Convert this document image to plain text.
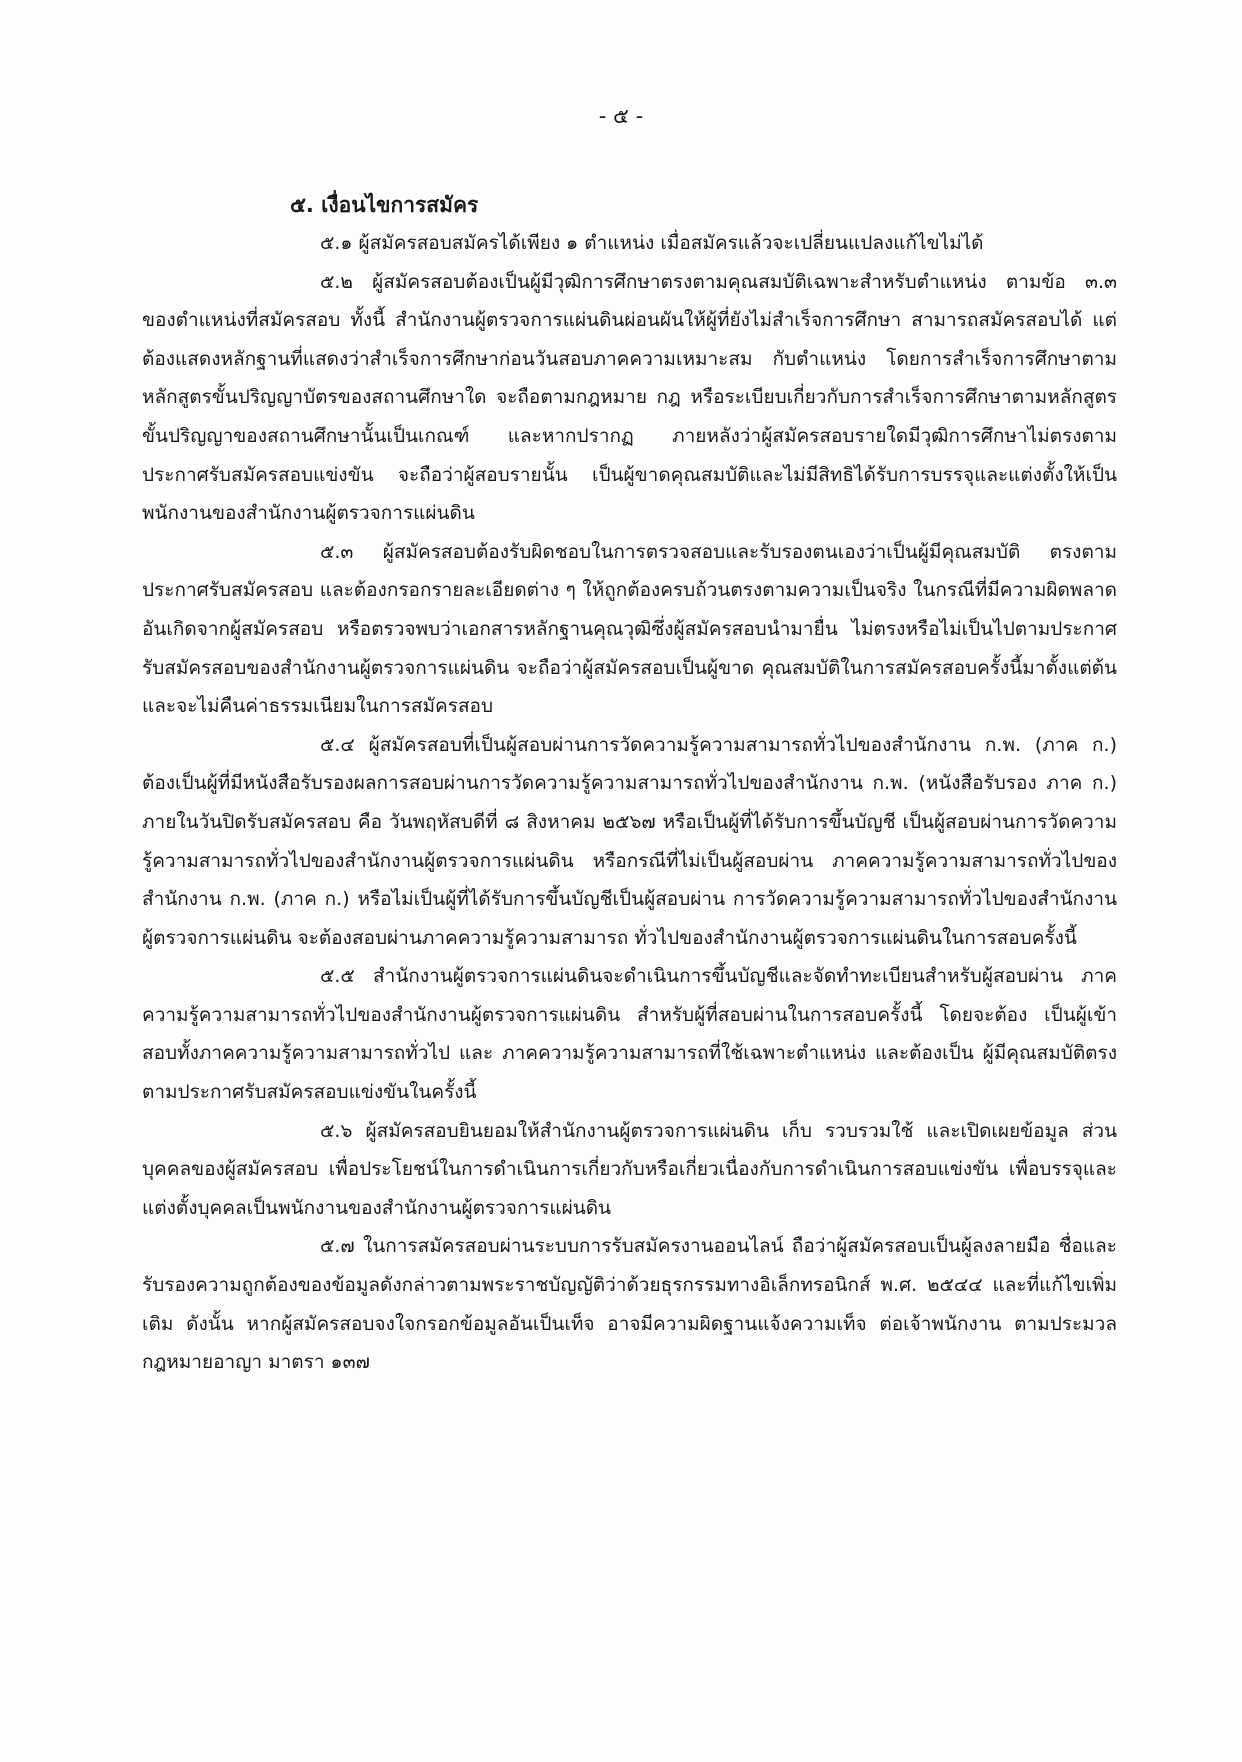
- ๕ -
๕. เงื่อนไขการสมัคร

๕.๑ ผู้สมัครสอบสมัครได้เพียง ๑ ตำแหน่ง เมื่อสมัครแล้วจะเปลี่ยนแปลงแก้ไขไม่ได้

๕.๒ ผู้สมัครสอบต้องเป็นผู้มีวุฒิการศึกษาตรงตามคุณสมบัติเฉพาะสำหรับตำแหน่ง ตามข้อ ๓.๓ ของตำแหน่งที่สมัครสอบ ทั้งนี้ สำนักงานผู้ตรวจการแผ่นดินผ่อนผันให้ผู้ที่ยังไม่สำเร็จการศึกษา สามารถสมัครสอบได้ แต่ต้องแสดงหลักฐานที่แสดงว่าสำเร็จการศึกษาก่อนวันสอบภาคความเหมาะสม กับตำแหน่ง โดยการสำเร็จการศึกษาตามหลักสูตรขั้นปริญญาบัตรของสถานศึกษาใด จะถือตามกฎหมาย กฎ หรือระเบียบเกี่ยวกับการสำเร็จการศึกษาตามหลักสูตรขั้นปริญญาของสถานศึกษานั้นเป็นเกณฑ์ และหากปรากฏ ภายหลังว่าผู้สมัครสอบรายใดมีวุฒิการศึกษาไม่ตรงตามประกาศรับสมัครสอบแข่งขัน จะถือว่าผู้สอบรายนั้น เป็นผู้ขาดคุณสมบัติและไม่มีสิทธิได้รับการบรรจุและแต่งตั้งให้เป็นพนักงานของสำนักงานผู้ตรวจการแผ่นดิน

๕.๓ ผู้สมัครสอบต้องรับผิดชอบในการตรวจสอบและรับรองตนเองว่าเป็นผู้มีคุณสมบัติ ตรงตามประกาศรับสมัครสอบ และต้องกรอกรายละเอียดต่าง ๆ ให้ถูกต้องครบถ้วนตรงตามความเป็นจริง ในกรณีที่มีความผิดพลาดอันเกิดจากผู้สมัครสอบ หรือตรวจพบว่าเอกสารหลักฐานคุณวุฒิซึ่งผู้สมัครสอบนำมายื่น ไม่ตรงหรือไม่เป็นไปตามประกาศรับสมัครสอบของสำนักงานผู้ตรวจการแผ่นดิน จะถือว่าผู้สมัครสอบเป็นผู้ขาด คุณสมบัติในการสมัครสอบครั้งนี้มาตั้งแต่ต้น และจะไม่คืนค่าธรรมเนียมในการสมัครสอบ

๕.๔ ผู้สมัครสอบที่เป็นผู้สอบผ่านการวัดความรู้ความสามารถทั่วไปของสำนักงาน ก.พ. (ภาค ก.) ต้องเป็นผู้ที่มีหนังสือรับรองผลการสอบผ่านการวัดความรู้ความสามารถทั่วไปของสำนักงาน ก.พ. (หนังสือรับรอง ภาค ก.) ภายในวันปิดรับสมัครสอบ คือ วันพฤหัสบดีที่ ๘ สิงหาคม ๒๕๖๗ หรือเป็นผู้ที่ได้รับการขึ้นบัญชี เป็นผู้สอบผ่านการวัดความรู้ความสามารถทั่วไปของสำนักงานผู้ตรวจการแผ่นดิน หรือกรณีที่ไม่เป็นผู้สอบผ่าน ภาคความรู้ความสามารถทั่วไปของสำนักงาน ก.พ. (ภาค ก.) หรือไม่เป็นผู้ที่ได้รับการขึ้นบัญชีเป็นผู้สอบผ่าน การวัดความรู้ความสามารถทั่วไปของสำนักงานผู้ตรวจการแผ่นดิน จะต้องสอบผ่านภาคความรู้ความสามารถ ทั่วไปของสำนักงานผู้ตรวจการแผ่นดินในการสอบครั้งนี้

๕.๕ สำนักงานผู้ตรวจการแผ่นดินจะดำเนินการขึ้นบัญชีและจัดทำทะเบียนสำหรับผู้สอบผ่าน ภาคความรู้ความสามารถทั่วไปของสำนักงานผู้ตรวจการแผ่นดิน สำหรับผู้ที่สอบผ่านในการสอบครั้งนี้ โดยจะต้อง เป็นผู้เข้าสอบทั้งภาคความรู้ความสามารถทั่วไป และ ภาคความรู้ความสามารถที่ใช้เฉพาะตำแหน่ง และต้องเป็น ผู้มีคุณสมบัติตรงตามประกาศรับสมัครสอบแข่งขันในครั้งนี้

๕.๖ ผู้สมัครสอบยินยอมให้สำนักงานผู้ตรวจการแผ่นดิน เก็บ รวบรวมใช้ และเปิดเผยข้อมูล ส่วนบุคคลของผู้สมัครสอบ เพื่อประโยชน์ในการดำเนินการเกี่ยวกับหรือเกี่ยวเนื่องกับการดำเนินการสอบแข่งขัน เพื่อบรรจุและแต่งตั้งบุคคลเป็นพนักงานของสำนักงานผู้ตรวจการแผ่นดิน

๕.๗ ในการสมัครสอบผ่านระบบการรับสมัครงานออนไลน์ ถือว่าผู้สมัครสอบเป็นผู้ลงลายมือ ชื่อและรับรองความถูกต้องของข้อมูลดังกล่าวตามพระราชบัญญัติว่าด้วยธุรกรรมทางอิเล็กทรอนิกส์ พ.ศ. ๒๕๔๔ และที่แก้ไขเพิ่มเติม ดังนั้น หากผู้สมัครสอบจงใจกรอกข้อมูลอันเป็นเท็จ อาจมีความผิดฐานแจ้งความเท็จ ต่อเจ้าพนักงาน ตามประมวลกฎหมายอาญา มาตรา ๑๓๗
